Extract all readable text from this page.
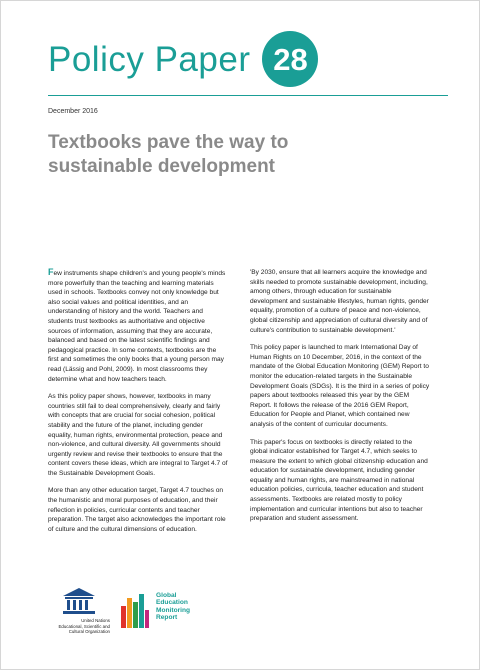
Policy Paper 28
December 2016
Textbooks pave the way to sustainable development

Few instruments shape children's and young people's minds more powerfully than the teaching and learning materials used in schools. Textbooks convey not only knowledge but also social values and political identities, and an understanding of history and the world. Teachers and students trust textbooks as authoritative and objective sources of information, assuming that they are accurate, balanced and based on the latest scientific findings and pedagogical practice. In some contexts, textbooks are the first and sometimes the only books that a young person may read (Lässig and Pohl, 2009). In most classrooms they determine what and how teachers teach.

As this policy paper shows, however, textbooks in many countries still fail to deal comprehensively, clearly and fairly with concepts that are crucial for social cohesion, political stability and the future of the planet, including gender equality, human rights, environmental protection, peace and non-violence, and cultural diversity. All governments should urgently review and revise their textbooks to ensure that the content covers these ideas, which are integral to Target 4.7 of the Sustainable Development Goals.

More than any other education target, Target 4.7 touches on the humanistic and moral purposes of education, and their reflection in policies, curricular contents and teacher preparation. The target also acknowledges the important role of culture and the cultural dimensions of education.

'By 2030, ensure that all learners acquire the knowledge and skills needed to promote sustainable development, including, among others, through education for sustainable development and sustainable lifestyles, human rights, gender equality, promotion of a culture of peace and non-violence, global citizenship and appreciation of cultural diversity and of culture's contribution to sustainable development.'

This policy paper is launched to mark International Day of Human Rights on 10 December, 2016, in the context of the mandate of the Global Education Monitoring (GEM) Report to monitor the education-related targets in the Sustainable Development Goals (SDGs). It is the third in a series of policy papers about textbooks released this year by the GEM Report. It follows the release of the 2016 GEM Report, Education for People and Planet, which contained new analysis of the content of curricular documents.

This paper's focus on textbooks is directly related to the global indicator established for Target 4.7, which seeks to measure the extent to which global citizenship education and education for sustainable development, including gender equality and human rights, are mainstreamed in national education policies, curricula, teacher education and student assessments. Textbooks are related mostly to policy implementation and curricular intentions but also to teacher preparation and student assessment.

United Nations
Educational, Scientific and
Cultural Organization
Global
Education
Monitoring
Report
